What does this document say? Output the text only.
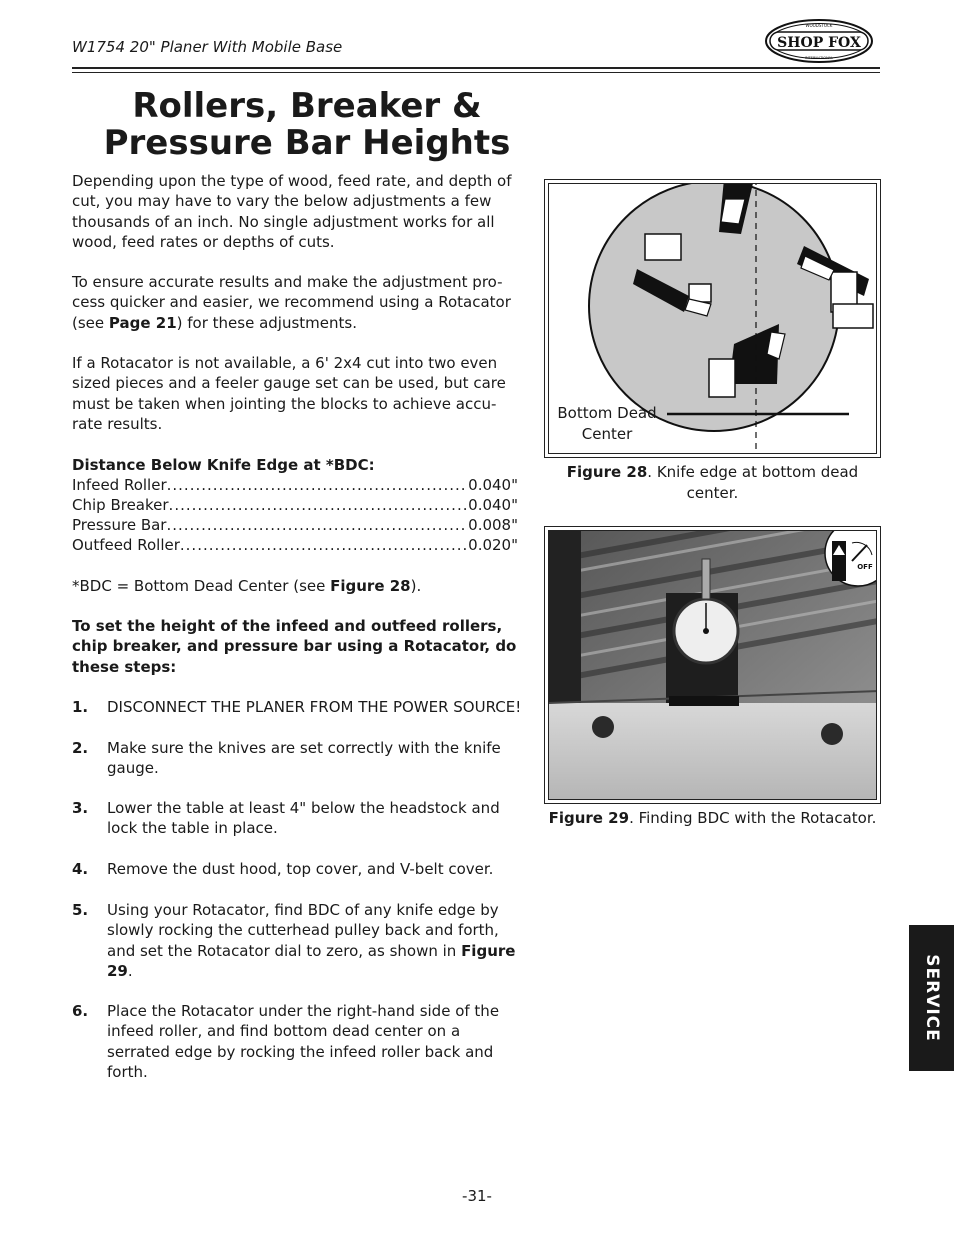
W1754 20" Planer With Mobile Base	SHOP FOX
WOODSTOCK
INTERNATIONAL
Rollers, Breaker &
Pressure Bar Heights
Depending upon the type of wood, feed rate, and depth of cut, you may have to vary the below adjustments a few thousands of an inch. No single adjustment works for all wood, feed rates or depths of cuts.
To ensure accurate results and make the adjustment pro-cess quicker and easier, we recommend using a Rotacator (see Page 21) for these adjustments.
If a Rotacator is not available, a 6' 2x4 cut into two even sized pieces and a feeler gauge set can be used, but care must be taken when jointing the blocks to achieve accu-rate results.
Distance Below Knife Edge at *BDC:
Infeed Roller .....	0.040"
Chip Breaker .....	0.040"
Pressure Bar .....	0.008"
Outfeed Roller .....	0.020"
*BDC = Bottom Dead Center (see Figure 28).
To set the height of the infeed and outfeed rollers, chip breaker, and pressure bar using a Rotacator, do these steps:
1. DISCONNECT THE PLANER FROM THE POWER SOURCE!
2. Make sure the knives are set correctly with the knife gauge.
3. Lower the table at least 4" below the headstock and lock the table in place.
4. Remove the dust hood, top cover, and V-belt cover.
5. Using your Rotacator, find BDC of any knife edge by slowly rocking the cutterhead pulley back and forth, and set the Rotacator dial to zero, as shown in Figure 29.
6. Place the Rotacator under the right-hand side of the infeed roller, and find bottom dead center on a serrated edge by rocking the infeed roller back and forth.
Bottom Dead
Center
Figure 28. Knife edge at bottom dead center.
OFF
Figure 29. Finding BDC with the Rotacator.
SERVICE
-31-
